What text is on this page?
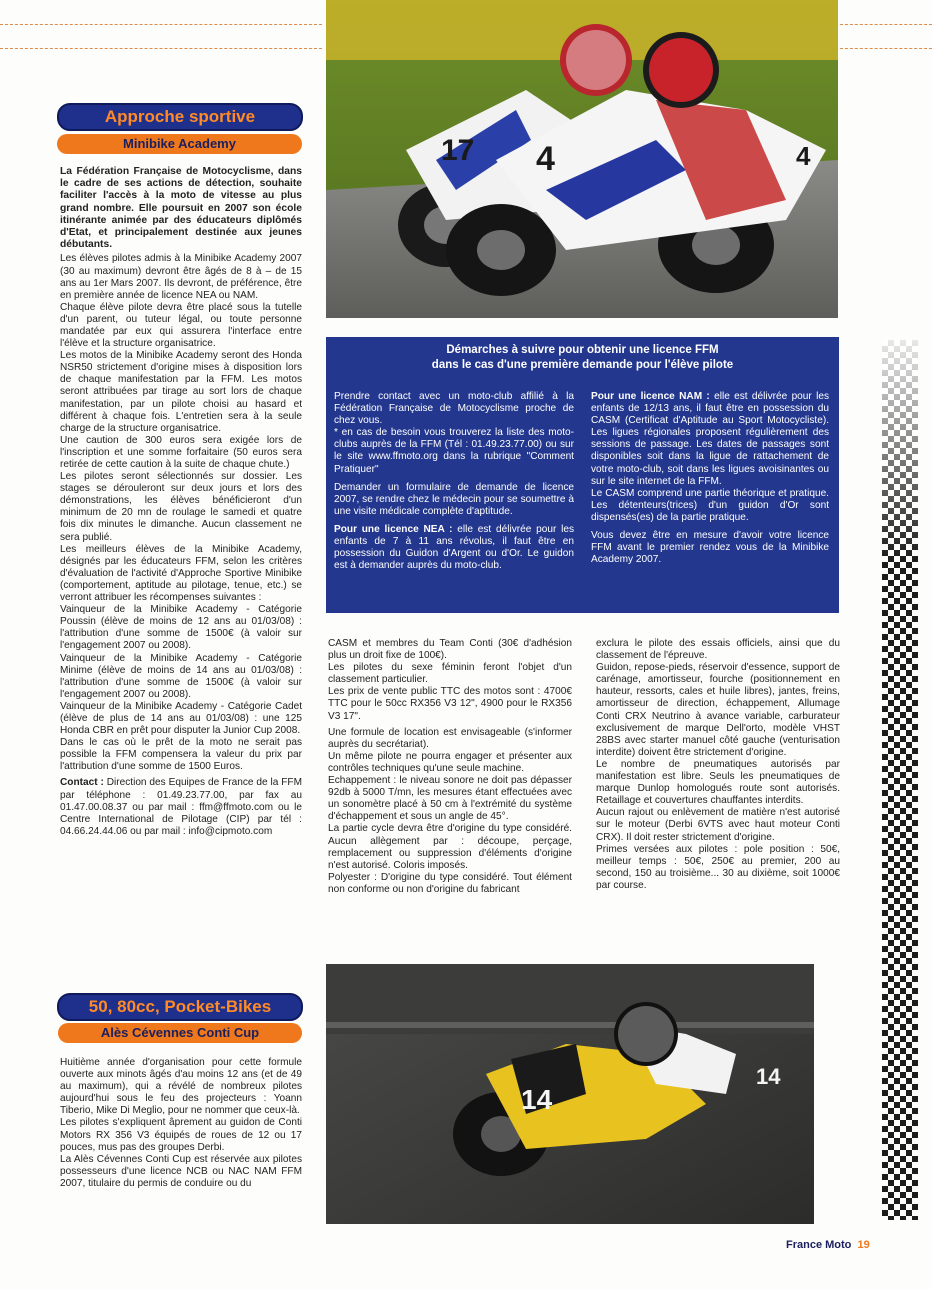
17 4	4
14
14
Approche sportive
Minibike Academy

La Fédération Française de Motocyclisme, dans le cadre de ses actions de détection, souhaite faciliter l'accès à la moto de vitesse au plus grand nombre. Elle poursuit en 2007 son école itinérante animée par des éducateurs diplômés d'Etat, et principalement destinée aux jeunes débutants.

Les élèves pilotes admis à la Minibike Academy 2007 (30 au maximum) devront être âgés de 8 à – de 15 ans au 1er Mars 2007. Ils devront, de préférence, être en première année de licence NEA ou NAM.

Chaque élève pilote devra être placé sous la tutelle d'un parent, ou tuteur légal, ou toute personne mandatée par eux qui assurera l'interface entre l'élève et la structure organisatrice.

Les motos de la Minibike Academy seront des Honda NSR50 strictement d'origine mises à disposition lors de chaque manifestation par la FFM. Les motos seront attribuées par tirage au sort lors de chaque manifestation, par un pilote choisi au hasard et différent à chaque fois. L'entretien sera à la seule charge de la structure organisatrice.

Une caution de 300 euros sera exigée lors de l'inscription et une somme forfaitaire (50 euros sera retirée de cette caution à la suite de chaque chute.)

Les pilotes seront sélectionnés sur dossier. Les stages se dérouleront sur deux jours et lors des démonstrations, les élèves bénéficieront d'un minimum de 20 mn de roulage le samedi et quatre fois dix minutes le dimanche. Aucun classement ne sera publié.

Les meilleurs élèves de la Minibike Academy, désignés par les éducateurs FFM, selon les critères d'évaluation de l'activité d'Approche Sportive Minibike (comportement, aptitude au pilotage, tenue, etc.) se verront attribuer les récompenses suivantes :

Vainqueur de la Minibike Academy - Catégorie Poussin (élève de moins de 12 ans au 01/03/08) : l'attribution d'une somme de 1500€ (à valoir sur l'engagement 2007 ou 2008).

Vainqueur de la Minibike Academy - Catégorie Minime (élève de moins de 14 ans au 01/03/08) : l'attribution d'une somme de 1500€ (à valoir sur l'engagement 2007 ou 2008).

Vainqueur de la Minibike Academy - Catégorie Cadet (élève de plus de 14 ans au 01/03/08) : une 125 Honda CBR en prêt pour disputer la Junior Cup 2008.

Dans le cas où le prêt de la moto ne serait pas possible la FFM compensera la valeur du prix par l'attribution d'une somme de 1500 Euros.

Contact : Direction des Equipes de France de la FFM par téléphone : 01.49.23.77.00, par fax au 01.47.00.08.37 ou par mail : ffm@ffmoto.com ou le Centre International de Pilotage (CIP) par tél : 04.66.24.44.06 ou par mail : info@cipmoto.com

50, 80cc, Pocket-Bikes
Alès Cévennes Conti Cup

Huitième année d'organisation pour cette formule ouverte aux minots âgés d'au moins 12 ans (et de 49 au maximum), qui a révélé de nombreux pilotes aujourd'hui sous le feu des projecteurs : Yoann Tiberio, Mike Di Meglio, pour ne nommer que ceux-là.

Les pilotes s'expliquent âprement au guidon de Conti Motors RX 356 V3 équipés de roues de 12 ou 17 pouces, mus pas des groupes Derbi.

La Alès Cévennes Conti Cup est réservée aux pilotes possesseurs d'une licence NCB ou NAC NAM FFM 2007, titulaire du permis de conduire ou du

Démarches à suivre pour obtenir une licence FFM
dans le cas d'une première demande pour l'élève pilote

Prendre contact avec un moto-club affilié à la Fédération Française de Motocyclisme proche de chez vous.

* en cas de besoin vous trouverez la liste des moto-clubs auprès de la FFM (Tél : 01.49.23.77.00) ou sur le site www.ffmoto.org dans la rubrique "Comment Pratiquer"

Demander un formulaire de demande de licence 2007, se rendre chez le médecin pour se soumettre à une visite médicale complète d'aptitude.

Pour une licence NEA : elle est délivrée pour les enfants de 7 à 11 ans révolus, il faut être en possession du Guidon d'Argent ou d'Or. Le guidon est à demander auprès du moto-club.

Pour une licence NAM : elle est délivrée pour les enfants de 12/13 ans, il faut être en possession du CASM (Certificat d'Aptitude au Sport Motocycliste). Les ligues régionales proposent régulièrement des sessions de passage. Les dates de passages sont disponibles soit dans la ligue de rattachement de votre moto-club, soit dans les ligues avoisinantes ou sur le site internet de la FFM.

Le CASM comprend une partie théorique et pratique. Les détenteurs(trices) d'un guidon d'Or sont dispensés(es) de la partie pratique.

Vous devez être en mesure d'avoir votre licence FFM avant le premier rendez vous de la Minibike Academy 2007.

CASM et membres du Team Conti (30€ d'adhésion plus un droit fixe de 100€).

Les pilotes du sexe féminin feront l'objet d'un classement particulier.

Les prix de vente public TTC des motos sont : 4700€ TTC pour le 50cc RX356 V3 12", 4900 pour le RX356 V3 17".

Une formule de location est envisageable (s'informer auprès du secrétariat).

Un même pilote ne pourra engager et présenter aux contrôles techniques qu'une seule machine.

Echappement : le niveau sonore ne doit pas dépasser 92db à 5000 T/mn, les mesures étant effectuées avec un sonomètre placé à 50 cm à l'extrémité du système d'échappement et sous un angle de 45°.

La partie cycle devra être d'origine du type considéré. Aucun allègement par : découpe, perçage, remplacement ou suppression d'éléments d'origine n'est autorisé. Coloris imposés.

Polyester : D'origine du type considéré. Tout élément non conforme ou non d'origine du fabricant

exclura le pilote des essais officiels, ainsi que du classement de l'épreuve.

Guidon, repose-pieds, réservoir d'essence, support de carénage, amortisseur, fourche (positionnement en hauteur, ressorts, cales et huile libres), jantes, freins, amortisseur de direction, échappement, Allumage Conti CRX Neutrino à avance variable, carburateur exclusivement de marque Dell'orto, modèle VHST 28BS avec starter manuel côté gauche (venturisation interdite) doivent être strictement d'origine.

Le nombre de pneumatiques autorisés par manifestation est libre. Seuls les pneumatiques de marque Dunlop homologués route sont autorisés. Retaillage et couvertures chauffantes interdits.

Aucun rajout ou enlèvement de matière n'est autorisé sur le moteur (Derbi 6VTS avec haut moteur Conti CRX). Il doit rester strictement d'origine.

Primes versées aux pilotes : pole position : 50€, meilleur temps : 50€, 250€ au premier, 200 au second, 150 au troisième... 30 au dixième, soit 1000€ par course.

France Moto 19
